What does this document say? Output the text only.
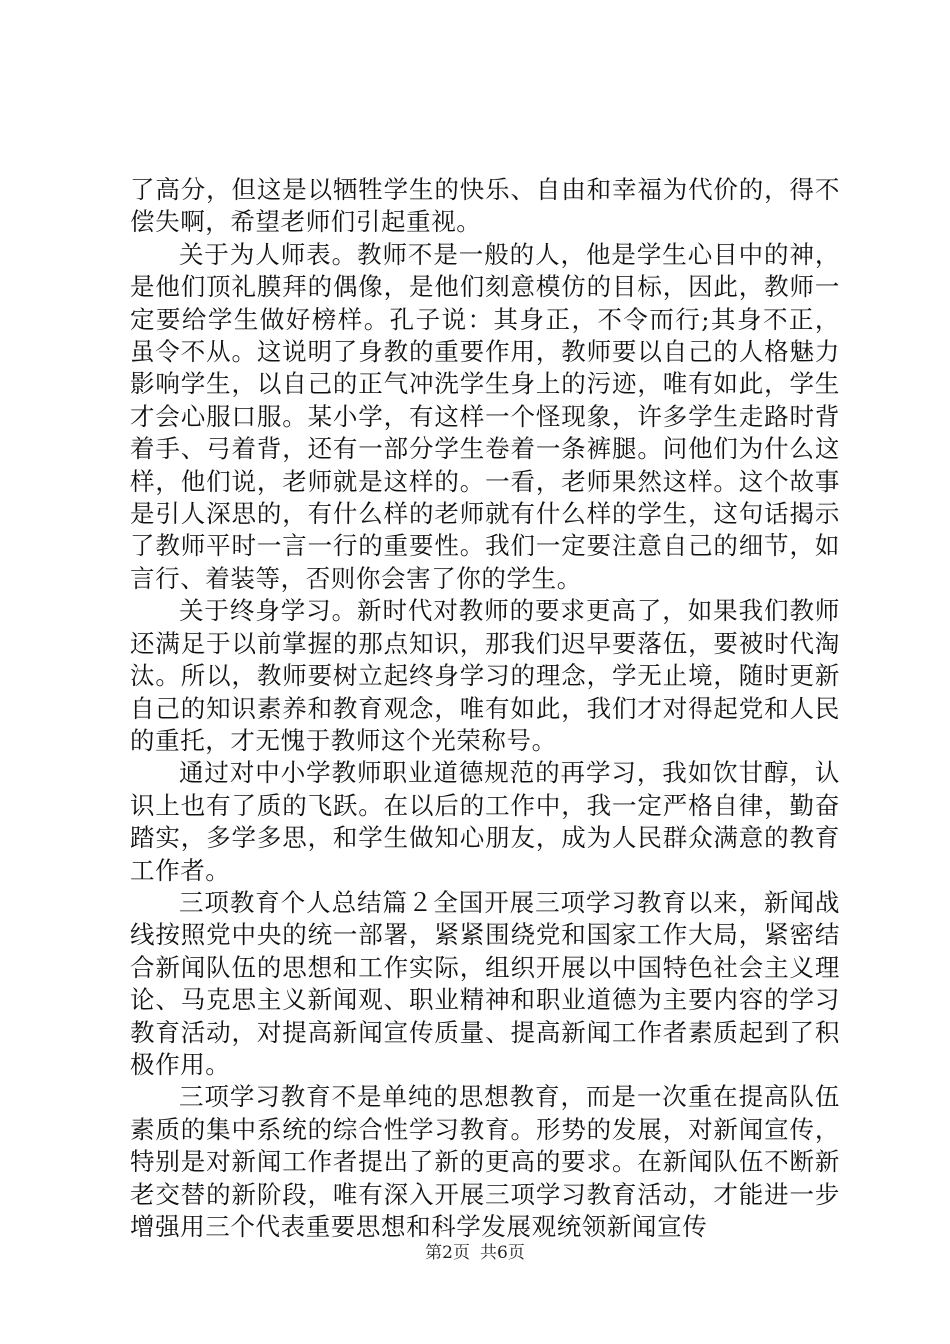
了高分，但这是以牺牲学生的快乐、自由和幸福为代价的，得不偿失啊，希望老师们引起重视。

关于为人师表。教师不是一般的人，他是学生心目中的神，是他们顶礼膜拜的偶像，是他们刻意模仿的目标，因此，教师一定要给学生做好榜样。孔子说：其身正，不令而行;其身不正，虽令不从。这说明了身教的重要作用，教师要以自己的人格魅力影响学生，以自己的正气冲洗学生身上的污迹，唯有如此，学生才会心服口服。某小学，有这样一个怪现象，许多学生走路时背着手、弓着背，还有一部分学生卷着一条裤腿。问他们为什么这样，他们说，老师就是这样的。一看，老师果然这样。这个故事是引人深思的，有什么样的老师就有什么样的学生，这句话揭示了教师平时一言一行的重要性。我们一定要注意自己的细节，如言行、着装等，否则你会害了你的学生。

关于终身学习。新时代对教师的要求更高了，如果我们教师还满足于以前掌握的那点知识，那我们迟早要落伍，要被时代淘汰。所以，教师要树立起终身学习的理念，学无止境，随时更新自己的知识素养和教育观念，唯有如此，我们才对得起党和人民的重托，才无愧于教师这个光荣称号。

通过对中小学教师职业道德规范的再学习，我如饮甘醇，认识上也有了质的飞跃。在以后的工作中，我一定严格自律，勤奋踏实，多学多思，和学生做知心朋友，成为人民群众满意的教育工作者。

三项教育个人总结篇２全国开展三项学习教育以来，新闻战线按照党中央的统一部署，紧紧围绕党和国家工作大局，紧密结合新闻队伍的思想和工作实际，组织开展以中国特色社会主义理论、马克思主义新闻观、职业精神和职业道德为主要内容的学习教育活动，对提高新闻宣传质量、提高新闻工作者素质起到了积极作用。

三项学习教育不是单纯的思想教育，而是一次重在提高队伍素质的集中系统的综合性学习教育。形势的发展，对新闻宣传，特别是对新闻工作者提出了新的更高的要求。在新闻队伍不断新老交替的新阶段，唯有深入开展三项学习教育活动，才能进一步增强用三个代表重要思想和科学发展观统领新闻宣传

第2页 共6页
